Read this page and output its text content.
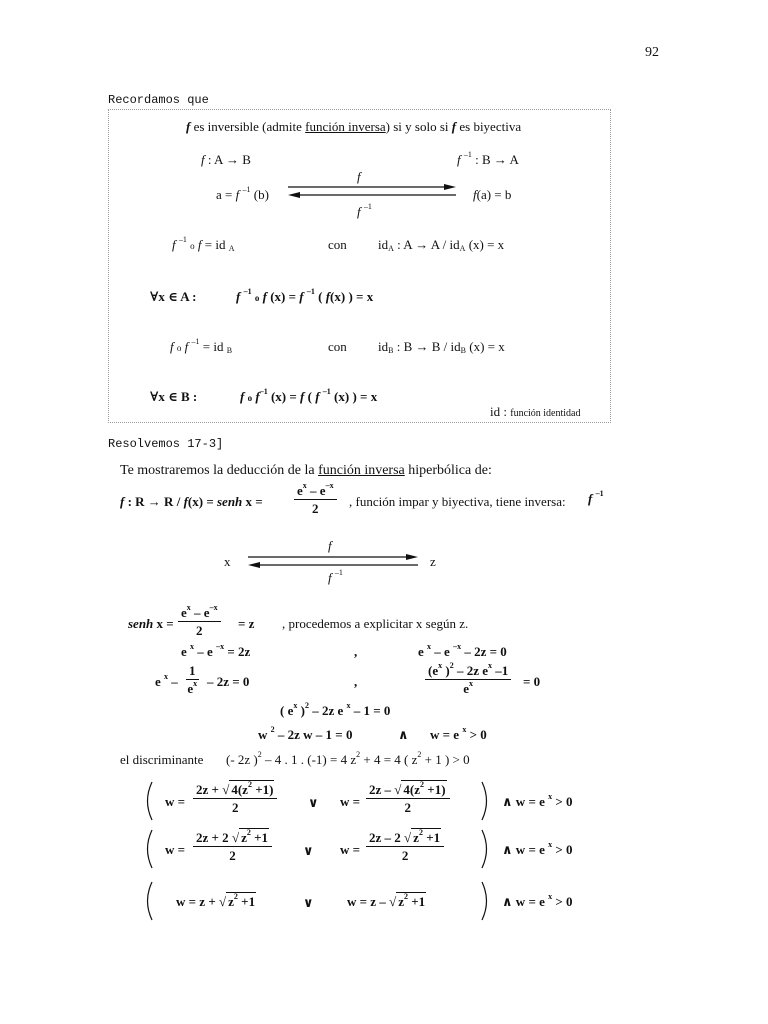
92
Recordamos que
f es inversible (admite función inversa) si y solo si f es biyectiva
f : A → B	f $^{-1}$ : B → A
f
a = f $^{-1}$ (b)	f(a) = b
f $^{-1}$
f $^{-1}$ o f = id $_A$	con $id_A$ : $A \to A / id_A$ (x) = x
∀x ∈ A :	f $^{-1}$ o f (x) = f $^{-1}$ ( f(x) ) = x
f o f $^{-1}$ = id $_B$	con $id_B$ : $B \to B / id_B$ (x) = x
∀x ∈ B :	f o $f^{-1}$ (x) = f ( f $^{-1}$ (x) ) = x
id : función identidad
Resolvemos 17-3]
Te mostraremos la deducción de la función inversa hiperbólica de:
f : R → R / f(x) = senh $x = \frac{e^x - e^{-x}}{2}$ , función impar y biyectiva, tiene inversa: f $^{-1}$
x	z
f
f $^{-1}$
senh $x = \frac{e^x - e^{-x}}{2} = z$ , procedemos a explicitar x según z.
e $^x$ – e $^{-x}$ = 2z	,	e $^x$ – e $^{-x}$ – 2z = 0
e $^x - \frac{1}{e^x} - 2z = 0$	,	$\frac{(e^x )^2 - 2z e^x -1}{e^x} = 0$
( $e^x$ )$^2$ – 2z e $^x$ – 1 = 0
w $^2$ – 2z w – 1 = 0	∧ w = e $^x$ > 0
el discriminante (- 2z )$^2$ – 4 . 1 . (-1) = 4 $z^2 + 4 = 4$ ( $z^2 + 1$ ) > 0
$w = \frac{2z + √ 4(z^2 +1)}{2}$ ∨ $w = \frac{2z - √ 4(z^2 +1)}{2}$	∧ w = e $^x$ > 0
$w = \frac{2z + 2 √ z^2 +1}{2}$ ∨ $w = \frac{2z - 2 √ z^2 +1}{2}$	∧ w = e $^x$ > 0
w = z + √ $z^2 +1$	∨	w = z – √ $z^2 +1$	∧ w = e $^x$ > 0
